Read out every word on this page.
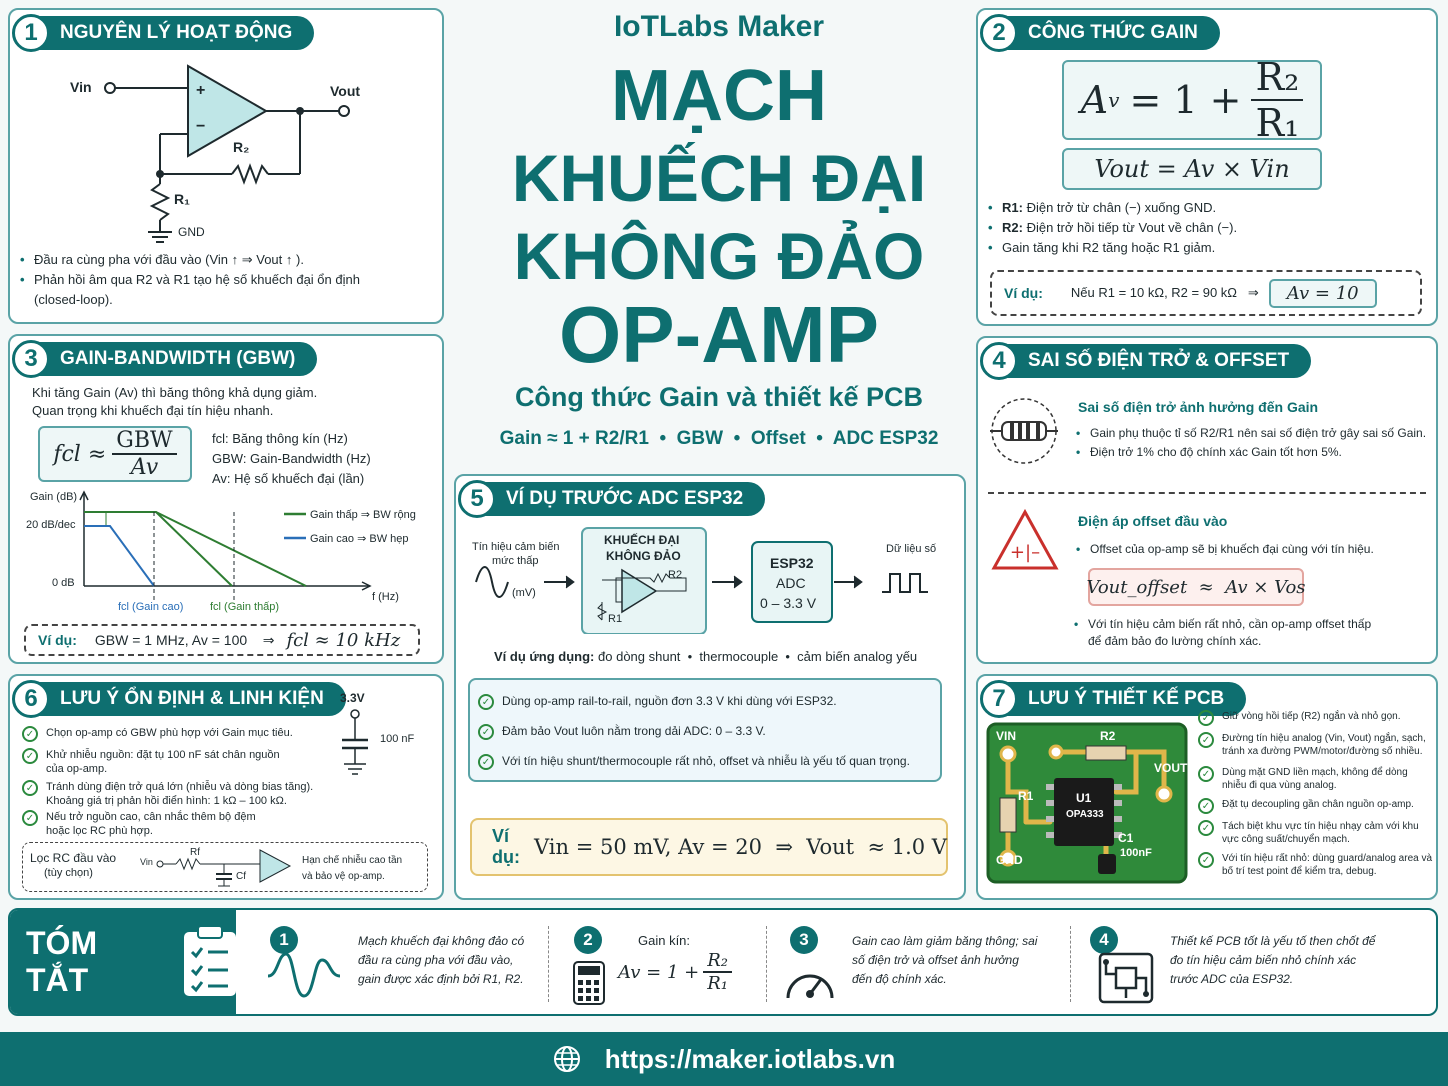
IoTLabs Maker
MẠCH
KHUẾCH ĐẠI
KHÔNG ĐẢO
OP-AMP
Công thức Gain và thiết kế PCB
Gain ≈ 1 + R2/R1  •  GBW  •  Offset  •  ADC ESP32
1	NGUYÊN LÝ HOẠT ĐỘNG
Vin	Vout
+
−
R₂
R₁
GND
• Đầu ra cùng pha với đầu vào (Vin ↑ ⇒ Vout ↑ ).
• Phản hồi âm qua R2 và R1 tạo hệ số khuếch đại ổn định (closed-loop).
2	CÔNG THỨC GAIN
A $v = 1 + \frac{\text{R₂}}{\text{R₁}}$
Vout = Av × Vin
• R1: Điện trở từ chân (−) xuống GND.
• R2: Điện trở hồi tiếp từ Vout về chân (−).
• Gain tăng khi R2 tăng hoặc R1 giảm.
Ví dụ: Nếu R1 = 10 kΩ, R2 = 90 kΩ   ⇒	Av = 10
3	GAIN-BANDWIDTH (GBW)
Khi tăng Gain (Av) thì băng thông khả dụng giảm.
Quan trọng khi khuếch đại tín hiệu nhanh.
fcl ≈ $\frac{\text{GBW}}{Av}$	fcl: Băng thông kín (Hz)
GBW: Gain-Bandwidth (Hz)
Av: Hệ số khuếch đại (lần)
Gain (dB)
20 dB/dec
0 dB
f (Hz)
fcl (Gain cao) fcl (Gain thấp)
Gain thấp ⇒ BW rộng
Gain cao ⇒ BW hẹp
Ví dụ: GBW = 1 MHz, Av = 100    ⇒ fcl ≈ 10 kHz
4	SAI SỐ ĐIỆN TRỞ & OFFSET
Sai số điện trở ảnh hưởng đến Gain
• Gain phụ thuộc tỉ số R2/R1 nên sai số điện trở gây sai số Gain.
• Điện trở 1% cho độ chính xác Gain tốt hơn 5%.
+|–
Điện áp offset đầu vào
• Offset của op-amp sẽ bị khuếch đại cùng với tín hiệu.
Vout_offset  ≈  Av × Vos
• Với tín hiệu cảm biến rất nhỏ, cần op-amp offset thấp
để đảm bảo đo lường chính xác.
5	VÍ DỤ TRƯỚC ADC ESP32
Tín hiệu cảm biến
mức thấp
(mV)
KHUẾCH ĐẠI
KHÔNG ĐẢO
R2
R1
ESP32
ADC
0 – 3.3 V
Dữ liệu số
Ví dụ ứng dụng: đo dòng shunt  •  thermocouple  •  cảm biến analog yếu
✓ Dùng op-amp rail-to-rail, nguồn đơn 3.3 V khi dùng với ESP32.
✓ Đảm bảo Vout luôn nằm trong dải ADC: 0 – 3.3 V.
✓ Với tín hiệu shunt/thermocouple rất nhỏ, offset và nhiễu là yếu tố quan trọng.
Ví dụ: Vin = 50 mV, Av = 20  ⇒  Vout  ≈ 1.0 V
6	LƯU Ý ỔN ĐỊNH & LINH KIỆN
✓	Chọn op-amp có GBW phù hợp với Gain mục tiêu.
✓	Khử nhiễu nguồn: đặt tụ 100 nF sát chân nguồn của op-amp.
✓	Tránh dùng điện trở quá lớn (nhiễu và dòng bias tăng). Khoảng giá trị phản hồi điển hình: 1 kΩ – 100 kΩ.
✓	Nếu trở nguồn cao, cân nhắc thêm bộ đệm hoặc lọc RC phù hợp.
3.3V
100 nF
Lọc RC đầu vào
(tùy chọn)
Vin
Rf
Cf
Hạn chế nhiễu cao tần
và bảo vệ op-amp.
7	LƯU Ý THIẾT KẾ PCB
VIN	R2
VOUT
R1	U1
OPA333
C1
100nF
GND
✓	Giữ vòng hồi tiếp (R2) ngắn và nhỏ gọn.
✓	Đường tín hiệu analog (Vin, Vout) ngắn, sạch, tránh xa đường PWM/motor/đường số nhiều.
✓	Dùng mặt GND liền mạch, không để dòng nhiễu đi qua vùng analog.
✓	Đặt tụ decoupling gần chân nguồn op-amp.
✓	Tách biệt khu vực tín hiệu nhạy cảm với khu vực công suất/chuyển mạch.
✓	Với tín hiệu rất nhỏ: dùng guard/analog area và bố trí test point để kiểm tra, debug.
TÓM TẮT
1	Mạch khuếch đại không đảo có đầu ra cùng pha với đầu vào, gain được xác định bởi R1, R2.
2	Gain kín:
$Av = 1 + \frac{\text{R₂}}{\text{R₁}}$
3	Gain cao làm giảm băng thông; sai số điện trở và offset ảnh hưởng đến độ chính xác.
4	Thiết kế PCB tốt là yếu tố then chốt để đo tín hiệu cảm biến nhỏ chính xác trước ADC của ESP32.
https://maker.iotlabs.vn
